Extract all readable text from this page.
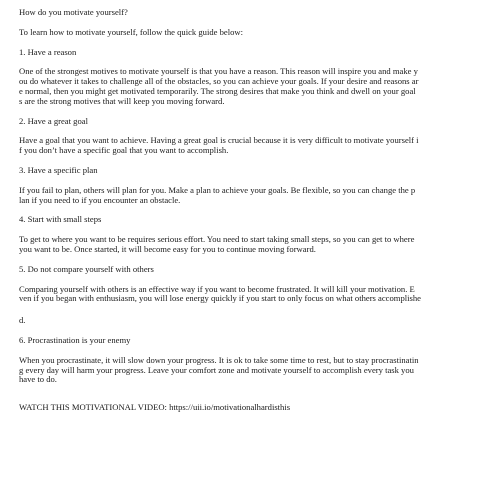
How do you motivate yourself?

To learn how to motivate yourself, follow the quick guide below:

1. Have a reason

One of the strongest motives to motivate yourself is that you have a reason. This reason will inspire you and make y
ou do whatever it takes to challenge all of the obstacles, so you can achieve your goals. If your desire and reasons ar
e normal, then you might get motivated temporarily. The strong desires that make you think and dwell on your goal
s are the strong motives that will keep you moving forward.

2. Have a great goal

Have a goal that you want to achieve. Having a great goal is crucial because it is very difficult to motivate yourself i
f you don’t have a specific goal that you want to accomplish.

3. Have a specific plan

If you fail to plan, others will plan for you. Make a plan to achieve your goals. Be flexible, so you can change the p
lan if you need to if you encounter an obstacle.

4. Start with small steps

To get to where you want to be requires serious effort. You need to start taking small steps, so you can get to where
you want to be. Once started, it will become easy for you to continue moving forward.

5. Do not compare yourself with others

Comparing yourself with others is an effective way if you want to become frustrated. It will kill your motivation. E
ven if you began with enthusiasm, you will lose energy quickly if you start to only focus on what others accomplishe

d.

6. Procrastination is your enemy

When you procrastinate, it will slow down your progress. It is ok to take some time to rest, but to stay procrastinatin
g every day will harm your progress. Leave your comfort zone and motivate yourself to accomplish every task you
have to do.

WATCH THIS MOTIVATIONAL VIDEO: https://uii.io/motivationalhardisthis
